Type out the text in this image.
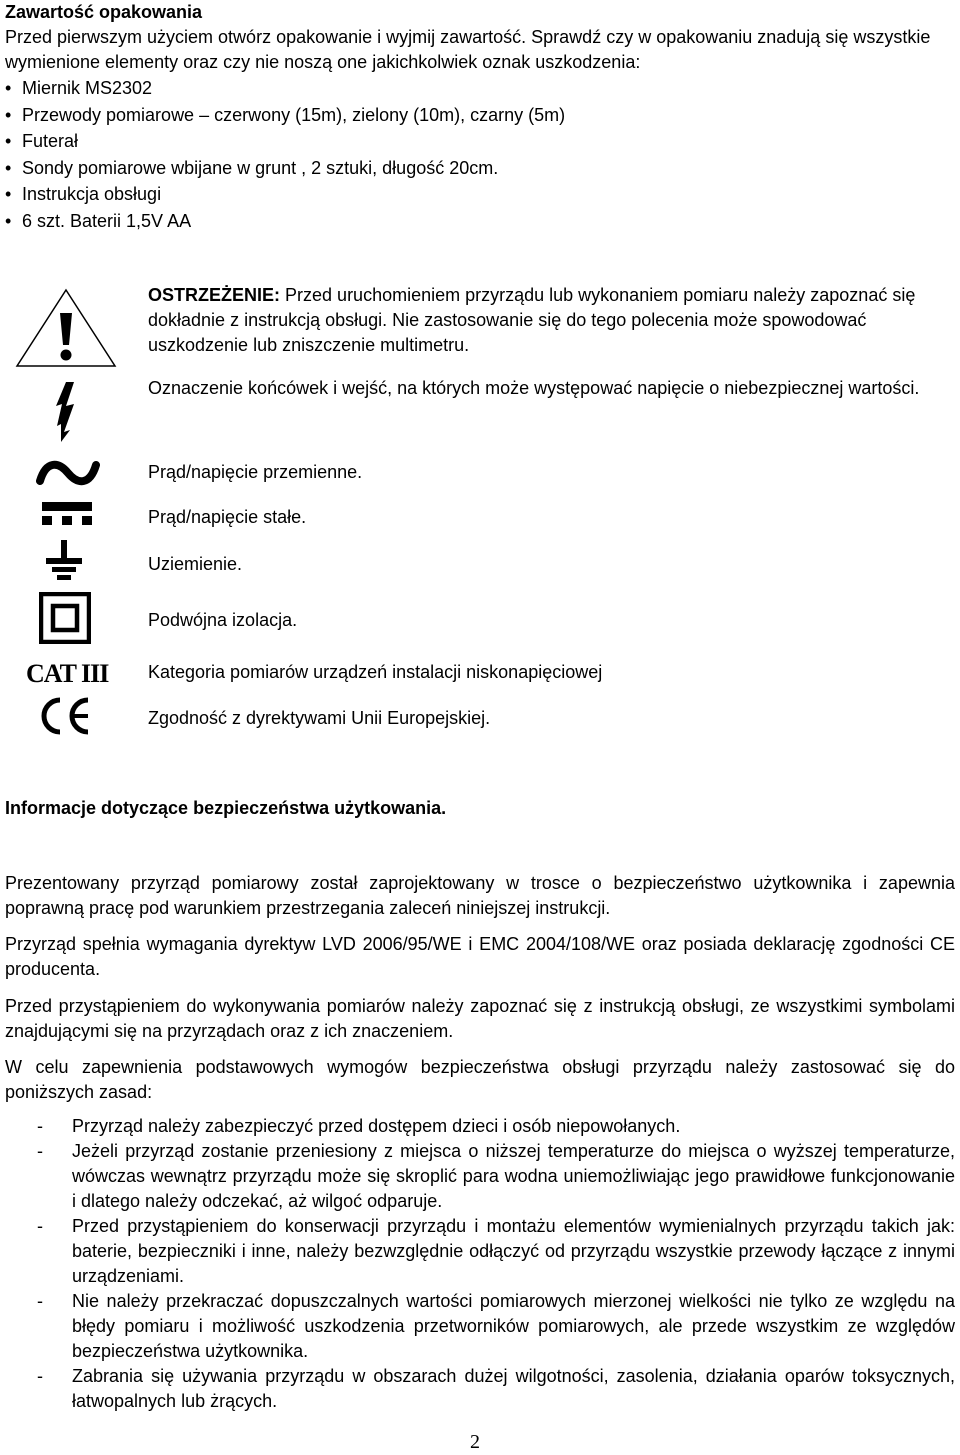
Zawartość opakowania
Przed pierwszym użyciem otwórz opakowanie i wyjmij zawartość. Sprawdź czy w opakowaniu znadują się wszystkie wymienione elementy oraz czy nie noszą one jakichkolwiek oznak uszkodzenia:
• Miernik MS2302
• Przewody pomiarowe – czerwony (15m), zielony (10m), czarny (5m)
• Futerał
• Sondy pomiarowe wbijane w grunt , 2 sztuki, długość 20cm.
• Instrukcja obsługi
• 6 szt. Baterii 1,5V AA
OSTRZEŻENIE: Przed uruchomieniem przyrządu lub wykonaniem pomiaru należy zapoznać się dokładnie z instrukcją obsługi. Nie zastosowanie się do tego polecenia może spowodować uszkodzenie lub zniszczenie multimetru.
Oznaczenie końcówek i wejść, na których może występować napięcie o niebezpiecznej wartości.
Prąd/napięcie przemienne.
Prąd/napięcie stałe.
Uziemienie.
Podwójna izolacja.
CAT III Kategoria pomiarów urządzeń instalacji niskonapięciowej
Zgodność z dyrektywami Unii Europejskiej.
Informacje dotyczące bezpieczeństwa użytkowania.

Prezentowany przyrząd pomiarowy został zaprojektowany w trosce o bezpieczeństwo użytkownika i zapewnia poprawną pracę pod warunkiem przestrzegania zaleceń niniejszej instrukcji.

Przyrząd spełnia wymagania dyrektyw LVD 2006/95/WE i EMC 2004/108/WE oraz posiada deklarację zgodności CE producenta.

Przed przystąpieniem do wykonywania pomiarów należy zapoznać się z instrukcją obsługi, ze wszystkimi symbolami znajdującymi się na przyrządach oraz z ich znaczeniem.

W celu zapewnienia podstawowych wymogów bezpieczeństwa obsługi przyrządu należy zastosować się do poniższych zasad:

- Przyrząd należy zabezpieczyć przed dostępem dzieci i osób niepowołanych.
- Jeżeli przyrząd zostanie przeniesiony z miejsca o niższej temperaturze do miejsca o wyższej temperaturze, wówczas wewnątrz przyrządu może się skroplić para wodna uniemożliwiając jego prawidłowe funkcjonowanie i dlatego należy odczekać, aż wilgoć odparuje.
- Przed przystąpieniem do konserwacji przyrządu i montażu elementów wymienialnych przyrządu takich jak: baterie, bezpieczniki i inne, należy bezwzględnie odłączyć od przyrządu wszystkie przewody łączące z innymi urządzeniami.
- Nie należy przekraczać dopuszczalnych wartości pomiarowych mierzonej wielkości nie tylko ze względu na błędy pomiaru i możliwość uszkodzenia przetworników pomiarowych, ale przede wszystkim ze względów bezpieczeństwa użytkownika.
- Zabrania się używania przyrządu w obszarach dużej wilgotności, zasolenia, działania oparów toksycznych, łatwopalnych lub żrących.
2
